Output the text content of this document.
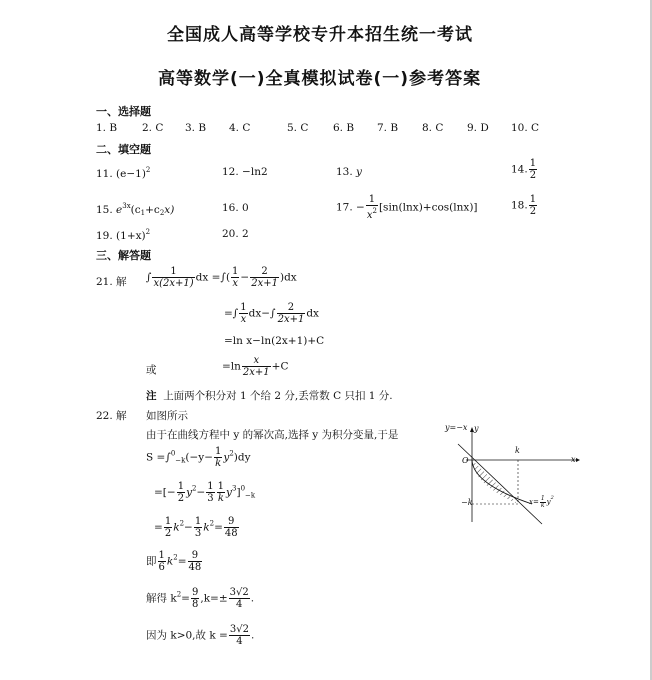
全国成人高等学校专升本招生统一考试
高等数学(一)全真模拟试卷(一)参考答案
一、选择题
1. B 2. C 3. B 4. C	5. C 6. B 7. B 8. C 9. D 10. C
二、填空题
11. $(e-1)^2$	12. −ln2	13. y	14. $\frac{1}{2}$
15. $e^{3x}(c_1+c_2x)$	16. 0	17. − $\frac{1}{x^2} [\sin(\ln x)+\cos(\ln x)]$	18. $\frac{1}{2}$
19. $(1+x)^2$	20. 2
三、解答题
21. 解 ∫ $\frac{1}{x(2x+1)}$ dx =∫( $\frac{1}{x} - \frac{2}{2x+1} )dx$
=∫ $\frac{1}{x} dx-\int \frac{2}{2x+1}$ dx
=ln x−ln(2x+1)+C
或	$=\ln \frac{x}{2x+1} +C$
注 上面两个积分对 1 个给 2 分,丢常数 C 只扣 1 分.
22. 解 如图所示
由于在曲线方程中 y 的幂次高,选择 y 为积分变量,于是
$S =\int^0_{-k}(-y- \frac{1}{k} y^2)dy$
=[− $\frac{1}{2} y^2- \frac{1}{3} \frac{1}{k} y^3]^0_{-k}$
= $\frac{1}{2} k^2- \frac{1}{3} k^2= \frac{9}{48}$
即 $\frac{1}{6} k^2= \frac{9}{48}$
解得 $k^2= \frac{9}{8} ,k=\pm \frac{3√2}{4}$ .
因为 k>0,故 $k = \frac{3√2}{4}$ .
y=−x y
x
O
k
−k	$x= \frac{1}{k} y^2$
